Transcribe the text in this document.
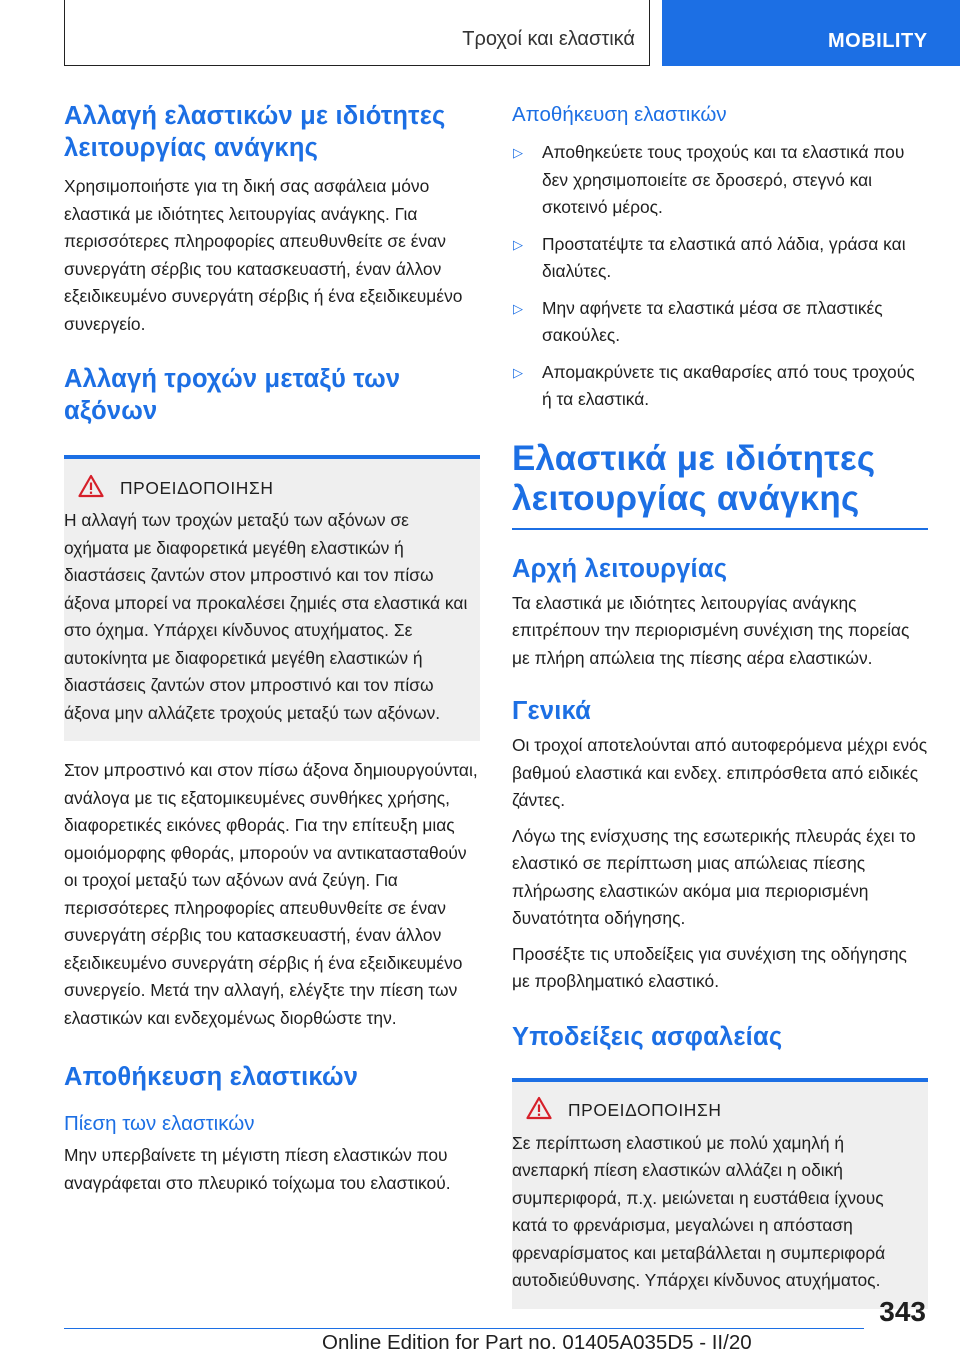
Τροχοί και ελαστικά	MOBILITY
Αλλαγή ελαστικών με ιδιότητες λειτουργίας ανάγκης

Χρησιμοποιήστε για τη δική σας ασφάλεια μόνο ελαστικά με ιδιότητες λειτουργίας ανάγκης. Για περισσότερες πληροφορίες απευθυνθείτε σε έναν συνεργάτη σέρβις του κατασκευαστή, έναν άλλον εξειδικευμένο συνεργάτη σέρβις ή ένα εξειδικευμένο συνεργείο.

Αλλαγή τροχών μεταξύ των αξόνων
ΠΡΟΕΙΔΟΠΟΙΗΣΗ

Η αλλαγή των τροχών μεταξύ των αξόνων σε οχήματα με διαφορετικά μεγέθη ελαστικών ή διαστάσεις ζαντών στον μπροστινό και τον πίσω άξονα μπορεί να προκαλέσει ζημιές στα ελαστικά και στο όχημα. Υπάρχει κίνδυνος ατυχήματος. Σε αυτοκίνητα με διαφορετικά μεγέθη ελαστικών ή διαστάσεις ζαντών στον μπροστινό και τον πίσω άξονα μην αλλάζετε τροχούς μεταξύ των αξόνων.

Στον μπροστινό και στον πίσω άξονα δημιουργούνται, ανάλογα με τις εξατομικευμένες συνθήκες χρήσης, διαφορετικές εικόνες φθοράς. Για την επίτευξη μιας ομοιόμορφης φθοράς, μπορούν να αντικατασταθούν οι τροχοί μεταξύ των αξόνων ανά ζεύγη. Για περισσότερες πληροφορίες απευθυνθείτε σε έναν συνεργάτη σέρβις του κατασκευαστή, έναν άλλον εξειδικευμένο συνεργάτη σέρβις ή ένα εξειδικευμένο συνεργείο. Μετά την αλλαγή, ελέγξτε την πίεση των ελαστικών και ενδεχομένως διορθώστε την.

Αποθήκευση ελαστικών
Πίεση των ελαστικών

Μην υπερβαίνετε τη μέγιστη πίεση ελαστικών που αναγράφεται στο πλευρικό τοίχωμα του ελαστικού.

Αποθήκευση ελαστικών
▷	Αποθηκεύετε τους τροχούς και τα ελαστικά που δεν χρησιμοποιείτε σε δροσερό, στεγνό και σκοτεινό μέρος.

▷	Προστατέψτε τα ελαστικά από λάδια, γράσα και διαλύτες.

▷	Μην αφήνετε τα ελαστικά μέσα σε πλαστικές σακούλες.

▷	Απομακρύνετε τις ακαθαρσίες από τους τροχούς ή τα ελαστικά.

Ελαστικά με ιδιότητες λειτουργίας ανάγκης
Αρχή λειτουργίας

Τα ελαστικά με ιδιότητες λειτουργίας ανάγκης επιτρέπουν την περιορισμένη συνέχιση της πορείας με πλήρη απώλεια της πίεσης αέρα ελαστικών.

Γενικά

Οι τροχοί αποτελούνται από αυτοφερόμενα μέχρι ενός βαθμού ελαστικά και ενδεχ. επιπρόσθετα από ειδικές ζάντες.

Λόγω της ενίσχυσης της εσωτερικής πλευράς έχει το ελαστικό σε περίπτωση μιας απώλειας πίεσης πλήρωσης ελαστικών ακόμα μια περιορισμένη δυνατότητα οδήγησης.

Προσέξτε τις υποδείξεις για συνέχιση της οδήγησης με προβληματικό ελαστικό.

Υποδείξεις ασφαλείας
ΠΡΟΕΙΔΟΠΟΙΗΣΗ

Σε περίπτωση ελαστικού με πολύ χαμηλή ή ανεπαρκή πίεση ελαστικών αλλάζει η οδική συμπεριφορά, π.χ. μειώνεται η ευστάθεια ίχνους κατά το φρενάρισμα, μεγαλώνει η απόσταση φρεναρίσματος και μεταβάλλεται η συμπεριφορά αυτοδιεύθυνσης. Υπάρχει κίνδυνος ατυχήματος.

343
Online Edition for Part no. 01405A035D5 - II/20
